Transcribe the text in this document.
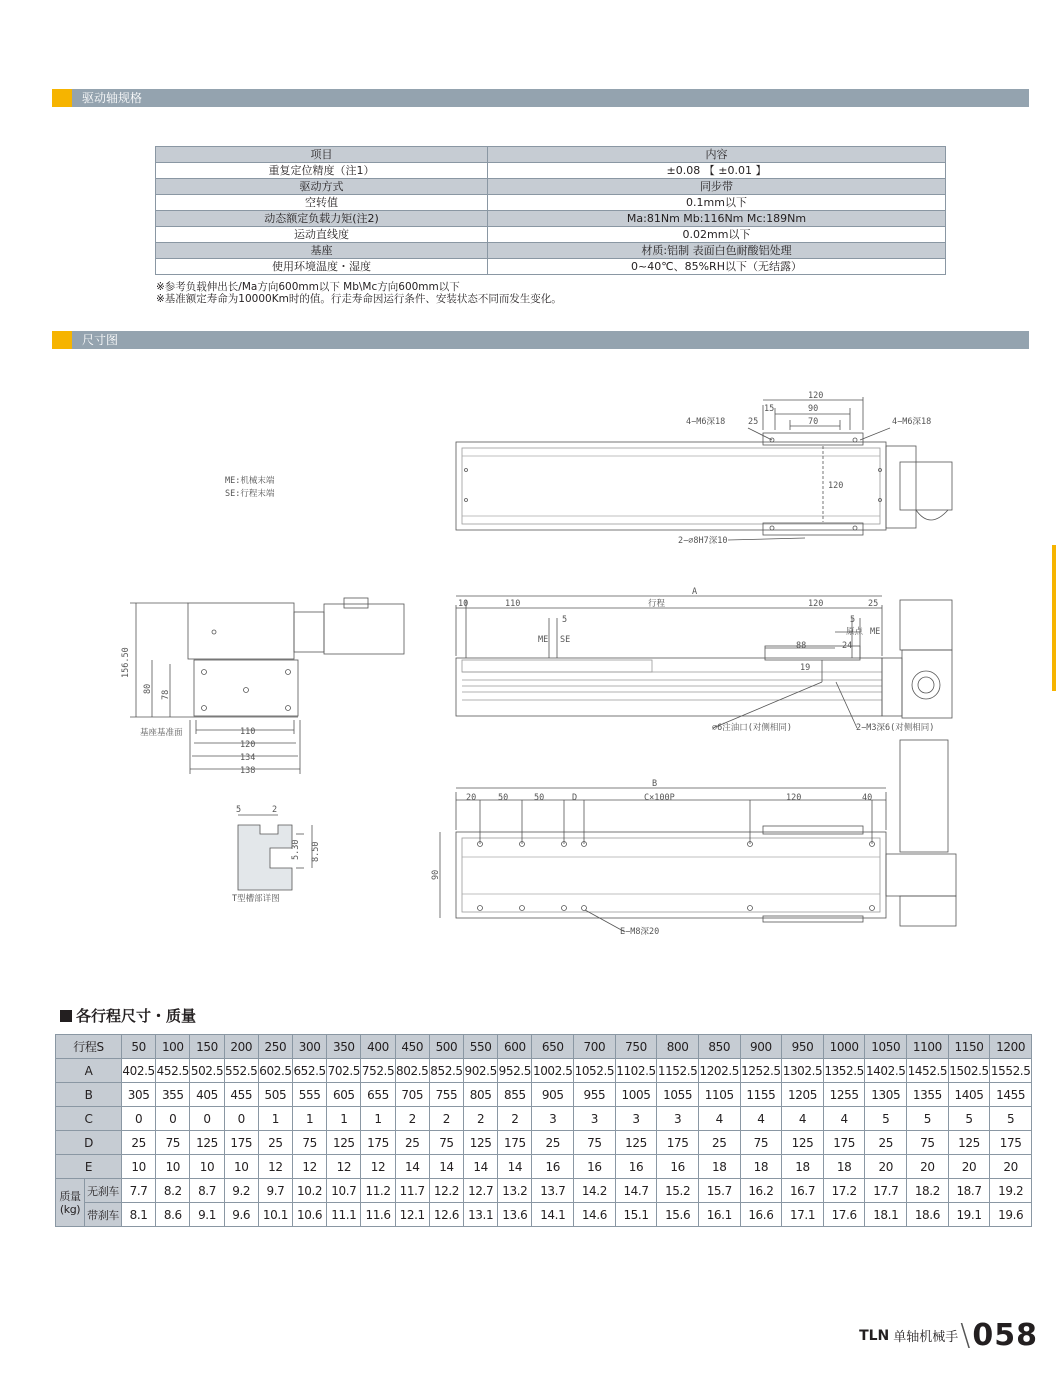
驱动轴规格
项目	内容
重复定位精度（注1）	±0.08 【 ±0.01 】
驱动方式	同步带
空转值	0.1mm以下
动态额定负载力矩(注2)	Ma:81Nm Mb:116Nm Mc:189Nm
运动直线度	0.02mm以下
基座	材质:铝制 表面白色耐酸铝处理
使用环境温度・湿度	0~40℃、85%RH以下（无结露）
※参考负载伸出长/Ma方向600mm以下 Mb\Mc方向600mm以下
※基准额定寿命为10000Km时的值。行走寿命因运行条件、安装状态不同而发生变化。
尺寸图
ME:机械末端
SE:行程末端
120
15	90
25	70
4−M6深18	4−M6深18
120
2−∅8H7深10
A
10	110	行程	120	25
5	5
ME SE
ME
原点
88	24
19
∅6注油口(对侧相同)	2−M3深6(对侧相同)
156.50
80
78
基座基准面	110
120
134
138
5	2
5.30 8.50
T型槽部详图
B
20	50	50	D	C×100P	120	40
90
E−M8深20
各行程尺寸・质量
行程S		50	100	150	200	250	300	350	400	450	500	550	600	650	700	750	800	850	900	950	1000	1050	1100	1150	1200
A		402.5	452.5	502.5	552.5	602.5	652.5	702.5	752.5	802.5	852.5	902.5	952.5	1002.5	1052.5	1102.5	1152.5	1202.5	1252.5	1302.5	1352.5	1402.5	1452.5	1502.5	1552.5
B		305	355	405	455	505	555	605	655	705	755	805	855	905	955	1005	1055	1105	1155	1205	1255	1305	1355	1405	1455
C		0	0	0	0	1	1	1	1	2	2	2	2	3	3	3	3	4	4	4	4	5	5	5	5
D		25	75	125	175	25	75	125	175	25	75	125	175	25	75	125	175	25	75	125	175	25	75	125	175
E		10	10	10	10	12	12	12	12	14	14	14	14	16	16	16	16	18	18	18	18	20	20	20	20
质量(kg)	无刹车	7.7	8.2	8.7	9.2	9.7	10.2	10.7	11.2	11.7	12.2	12.7	13.2	13.7	14.2	14.7	15.2	15.7	16.2	16.7	17.2	17.7	18.2	18.7	19.2
	带刹车	8.1	8.6	9.1	9.6	10.1	10.6	11.1	11.6	12.1	12.6	13.1	13.6	14.1	14.6	15.1	15.6	16.1	16.6	17.1	17.6	18.1	18.6	19.1	19.6
TLN 单轴机械手 \ 058
